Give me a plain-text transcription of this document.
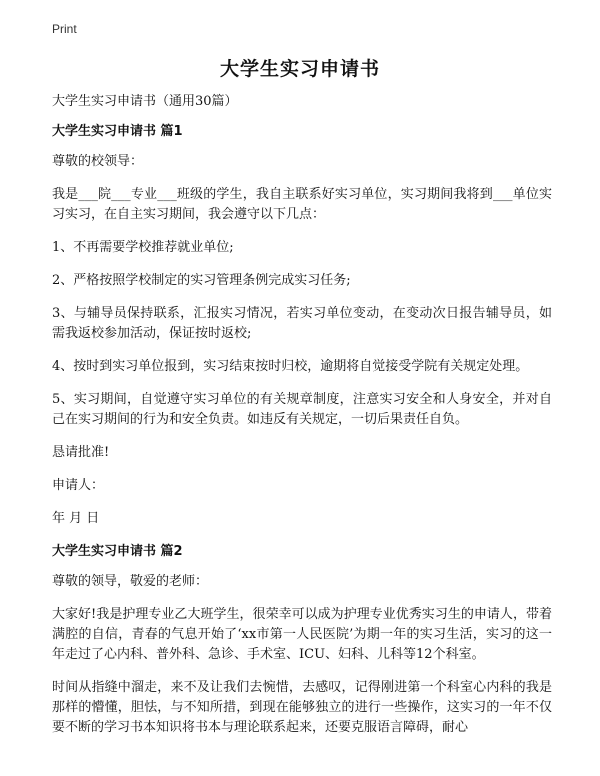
Print
大学生实习申请书

大学生实习申请书（通用30篇）

大学生实习申请书 篇1

尊敬的校领导：

我是___院___专业___班级的学生，我自主联系好实习单位，实习期间我将到___单位实习实习，在自主实习期间，我会遵守以下几点：

1、不再需要学校推荐就业单位;

2、严格按照学校制定的实习管理条例完成实习任务;

3、与辅导员保持联系，汇报实习情况，若实习单位变动，在变动次日报告辅导员，如需我返校参加活动，保证按时返校;

4、按时到实习单位报到，实习结束按时归校，逾期将自觉接受学院有关规定处理。

5、实习期间，自觉遵守实习单位的有关规章制度，注意实习安全和人身安全，并对自己在实习期间的行为和安全负责。如违反有关规定，一切后果责任自负。

恳请批准!

申请人：

年 月 日

大学生实习申请书 篇2

尊敬的领导，敬爱的老师：

大家好!我是护理专业乙大班学生，很荣幸可以成为护理专业优秀实习生的申请人，带着满腔的自信，青春的气息开始了‘xx市第一人民医院’为期一年的实习生活，实习的这一年走过了心内科、普外科、急诊、手术室、ICU、妇科、儿科等12个科室。

时间从指缝中溜走，来不及让我们去惋惜，去感叹，记得刚进第一个科室心内科的我是那样的懵懂，胆怯，与不知所措，到现在能够独立的进行一些操作，这实习的一年不仅要不断的学习书本知识将书本与理论联系起来，还要克服语言障碍，耐心
